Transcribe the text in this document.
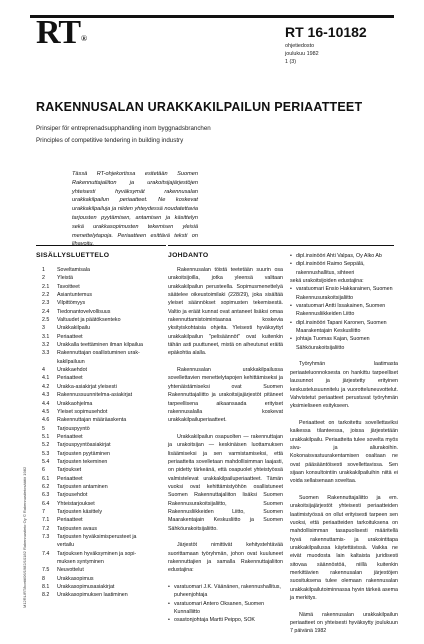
RT®	RT 16-10182
ohjetiedosto
joulukuu 1982
1 (3)
RAKENNUSALAN URAKKAKILPAILUN PERIAATTEET
Prinsiper för entreprenadsupphandling inom byggnadsbranchen
Principles of competitive tendering in building industry
Tässä RT-ohjekortissa esitetään Suomen Rakennuttajaliiton ja urakoitsijajärjestöjen yhteisesti hyväksymät rakennusalan urakkakilpailun periaatteet. Ne koskevat urakkakilpailuja ja niiden yhteydessä noudatettavia tarjousten pyytämisen, antamisen ja käsittelyn sekä urakkasopimusten tekemisen yleisiä menettelytapoja. Periaatteen esittävä teksti on lihavoitu.
SISÄLLYSLUETTELO
1	Soveltamisala
2	Yleistä
2.1	Tavoitteet
2.2	Asiantuntemus
2.3	Vilpittömyys
2.4	Tiedonantovelvollisuus
2.5	Valtuudet ja päätöksenteko
3	Urakkakilpailu
3.1	Periaatteet
3.2	Urakkalla teettäminen ilman kilpailua
3.3	Rakennuttajan osallistuminen urak-
kakilpailuun
4	Urakkaehdot
4.1	Periaatteet
4.2	Urakka-asiakirjat yleisesti
4.3	Rakennussuunnitelma-asiakirjat
4.4	Urakkaohjelma
4.5	Yleiset sopimusehdot
4.6	Rakennuttajan määräaskenta
5	Tarjouspyyntö
5.1	Periaatteet
5.2	Tarjouspyyntöasiakirjat
5.3	Tarjousten pyytäminen
5.4	Tarjousten tekeminen
6	Tarjoukset
6.1	Periaatteet
6.2	Tarjousten antaminen
6.3	Tarjousehdot
6.4	Yhteistarjoukset
7	Tarjousten käsittely
7.1	Periaatteet
7.2	Tarjousten avaus
7.3	Tarjousten hyväksimisperusteet ja
vertailu
7.4	Tarjouksen hyväksyminen ja sopi-
muksen syntyminen
7.5	Neuvottelut
8	Urakkasopimus
8.1	Urakkasopimusasiakirjat
8.2	Urakkasopimuksen laatiminen
JOHDANTO

Rakennusalan töistä teetetään suurin osa urakoitsijoilla, jotka yleensä valitaan urakkakilpailun perusteella. Sopimusmenettelyä säätelee oikeustoimilaki (228/29), joka sisältää yleiset säännökset sopimusten tekemisestä. Valtio ja eräät kunnat ovat antaneet lisäksi omaa rakennuttamistoimintaansa koskevia yksityiskohtaisia ohjeita. Yleisesti hyväksyttyt urakkakilpailun "pelisäännöt" ovat kuitenkin tähän asti puuttuneet, mistä on aiheutunut eräitä epäkohtia alalla.

Rakennusalan urakkakilpailussa sovellettavien menettelytapojen kehittämiseksi ja yhtenäistämiseksi ovat Suomen Rakennuttajaliitto ja urakoitsijajärjestöt pitäneet tarpeellisena aikaansaada erityiset rakennusalalla koskevat urakkakilpailuperiaatteet.

Urakkakilpailun osapuolten — rakennuttajan ja urakoitsijan — keskinäisen luottamuksen lisäämiseksi ja sen varmistamiseksi, että periaatteita sovelletaan mahdollisimman laajasti, on pidetty tärkeänä, että osapuolet yhteistyössä valmistelevat urakkakilpailuperiaatteet. Tämän vuoksi ovat kehittämistyöhön osallistuneet Suomen Rakennuttajaliiton lisäksi Suomen Rakennusurakoitsijaliitto, Suomen Rakennusliikkeiden Liitto, Suomen Maarakentajain Keskusliitto ja Suomen Sähköurakoitsijaliitto.

Järjestöt nimittivät kehitystehtävää suorittamaan työryhmän, johon ovat kuuluneet rakennuttajien ja samalla Rakennuttajaliiton edustajina:

• varatuomari J.K. Väänänen, rakennushallitus, puheenjohtaja
• varatuomari Antero Oksanen, Suomen Kunnalliitto
• osastonjohtaja Martti Peippo, SOK
• dipl.insinööri Ahti Valpas, Oy Alko Ab
• dipl.insinööri Raimo Seppälä, rakennushallitus, sihteeri
sekä urakoitsijoiden edustajina:
• varatuomari Ensio Hakkarainen, Suomen Rakennusurakoitsijaliitto
• varatuomari Antti Issakainen, Suomen Rakennusliikkeiden Liitto
• dipl.insinööri Tapani Karonen, Suomen Maarakentajain Keskusliitto
• johtaja Tuomas Kajan, Suomen Sähköurakoitsijaliitto

Työryhmän laatimasta periaateluonnoksesta on hankittu tarpeelliset lausunnot ja järjestetty erityinen keskustelusuunnitelu ja vuorotteluneuvottelut. Vahvistetut periaatteet perustuvat työryhmän yksimieliseen esitykseen.

Periaatteet on tarkoitettu sovellettaviksi kaikessa tilanteessa, joissa järjestetään urakkakilpailu. Periaatteita tulee sovelta myös sivu- ja aliurakoihin. Kokonaisvastuurakentamisen osaltaan ne ovat pääsääntöisesti sovellettavissa. Sen sijaan konsultointiin urakkakilpailuihin niitä ei voida sellaisenaan soveltaa.

Suomen Rakennuttajaliitto ja em. urakoitsijajärjestöt yhteisesti periaatteiden laatimistyössä on ollut erityisesti tarpeen sen vuoksi, että periaatteiden tarkoituksena on mahdollisimman tasapuolisesti määritellä hyvä rakennuttamis- ja urakointitapa urakkakilpailussa käytettävissä. Vaikka ne eivät muodosta lain kaltaista juridisesti sitovaa säännöstöä, niillä kuitenkin merkittävien rakennusalan järjestöjen suosituksena tulee olemaan rakennusalan urakkakilpailutoiminnassa hyvin tärkeä asema ja merkitys.

Nämä rakennusalan urakkakilpailun periaatteet on yhteisesti hyväksytty joulukuun 7 päivänä 1982

M12RL/RT/kortit/06/1982/10182 Rakennustieto Oy © Rakennustietosäätiö 1982
